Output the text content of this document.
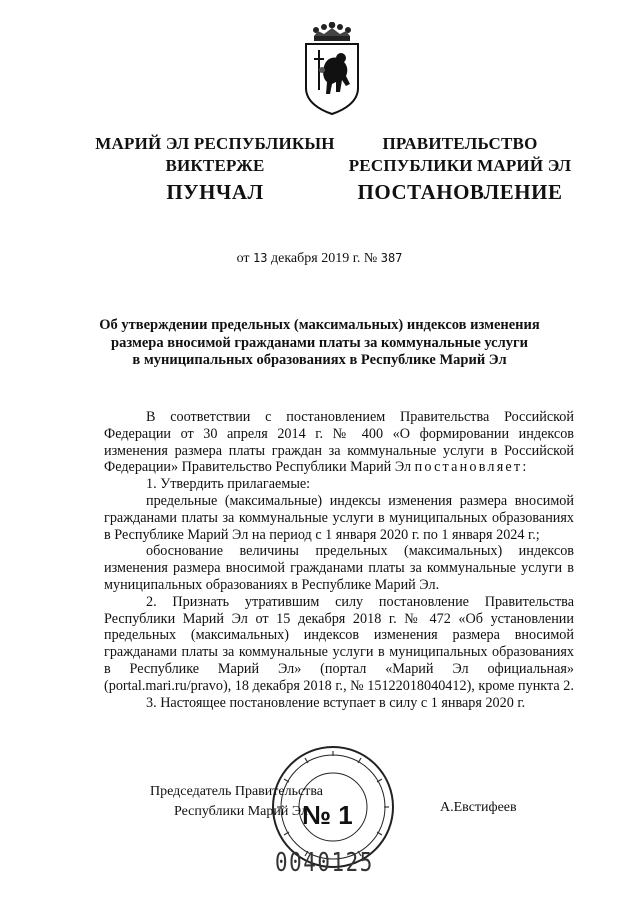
МАРИЙ ЭЛ РЕСПУБЛИКЫН
ВИКТЕРЖЕ
ПУНЧАЛ
ПРАВИТЕЛЬСТВО
РЕСПУБЛИКИ МАРИЙ ЭЛ
ПОСТАНОВЛЕНИЕ
от 13 декабря 2019 г. № 387
Об утверждении предельных (максимальных) индексов изменения
размера вносимой гражданами платы за коммунальные услуги
в муниципальных образованиях в Республике Марий Эл

В соответствии с постановлением Правительства Российской Федерации от 30 апреля 2014 г. № 400 «О формировании индексов изменения размера платы граждан за коммунальные услуги в Российской Федерации» Правительство Республики Марий Эл постановляет:

1. Утвердить прилагаемые:

предельные (максимальные) индексы изменения размера вносимой гражданами платы за коммунальные услуги в муниципальных образованиях в Республике Марий Эл на период с 1 января 2020 г. по 1 января 2024 г.;

обоснование величины предельных (максимальных) индексов изменения размера вносимой гражданами платы за коммунальные услуги в муниципальных образованиях в Республике Марий Эл.

2. Признать утратившим силу постановление Правительства Республики Марий Эл от 15 декабря 2018 г. № 472 «Об установлении предельных (максимальных) индексов изменения размера вносимой гражданами платы за коммунальные услуги в муниципальных образованиях в Республике Марий Эл» (портал «Марий Эл официальная» (portal.mari.ru/pravo), 18 декабря 2018 г., № 15122018040412), кроме пункта 2.

3. Настоящее постановление вступает в силу с 1 января 2020 г.

№ 1
Председатель Правительства
Республики Марий Эл	А.Евстифеев
0040125
